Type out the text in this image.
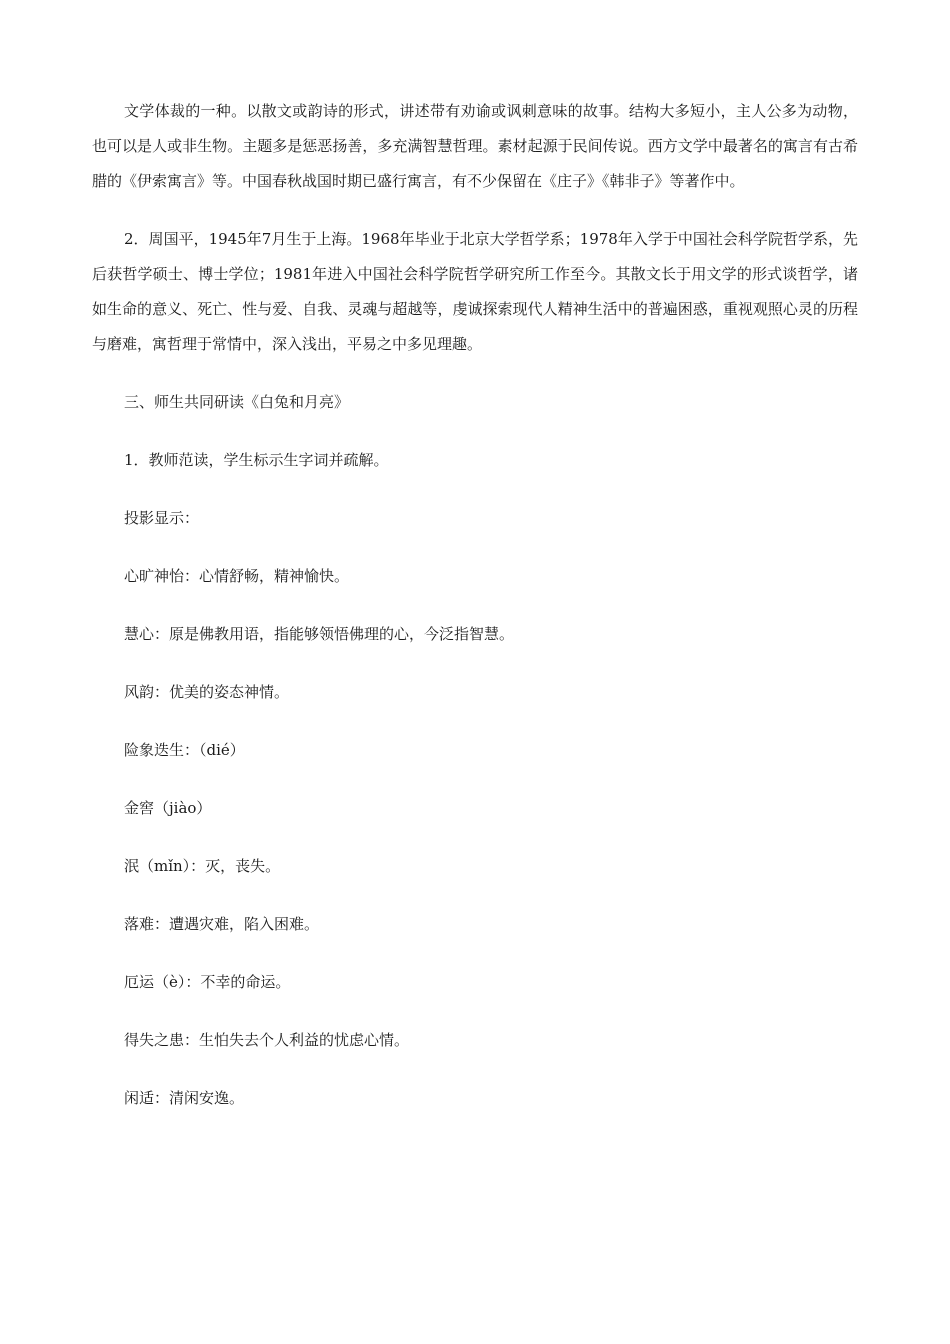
文学体裁的一种。以散文或韵诗的形式，讲述带有劝谕或讽刺意味的故事。结构大多短小，主人公多为动物，也可以是人或非生物。主题多是惩恶扬善，多充满智慧哲理。素材起源于民间传说。西方文学中最著名的寓言有古希腊的《伊索寓言》等。中国春秋战国时期已盛行寓言，有不少保留在《庄子》《韩非子》等著作中。

2．周国平，1945年7月生于上海。1968年毕业于北京大学哲学系；1978年入学于中国社会科学院哲学系，先后获哲学硕士、博士学位；1981年进入中国社会科学院哲学研究所工作至今。其散文长于用文学的形式谈哲学，诸如生命的意义、死亡、性与爱、自我、灵魂与超越等，虔诚探索现代人精神生活中的普遍困惑，重视观照心灵的历程与磨难，寓哲理于常情中，深入浅出，平易之中多见理趣。

三、师生共同研读《白兔和月亮》

1．教师范读，学生标示生字词并疏解。

投影显示：

心旷神怡：心情舒畅，精神愉快。

慧心：原是佛教用语，指能够领悟佛理的心，今泛指智慧。

风韵：优美的姿态神情。

险象迭生：（dié）

金窖（jiào）

泯（mǐn）：灭，丧失。

落难：遭遇灾难，陷入困难。

厄运（è）：不幸的命运。

得失之患：生怕失去个人利益的忧虑心情。

闲适：清闲安逸。
